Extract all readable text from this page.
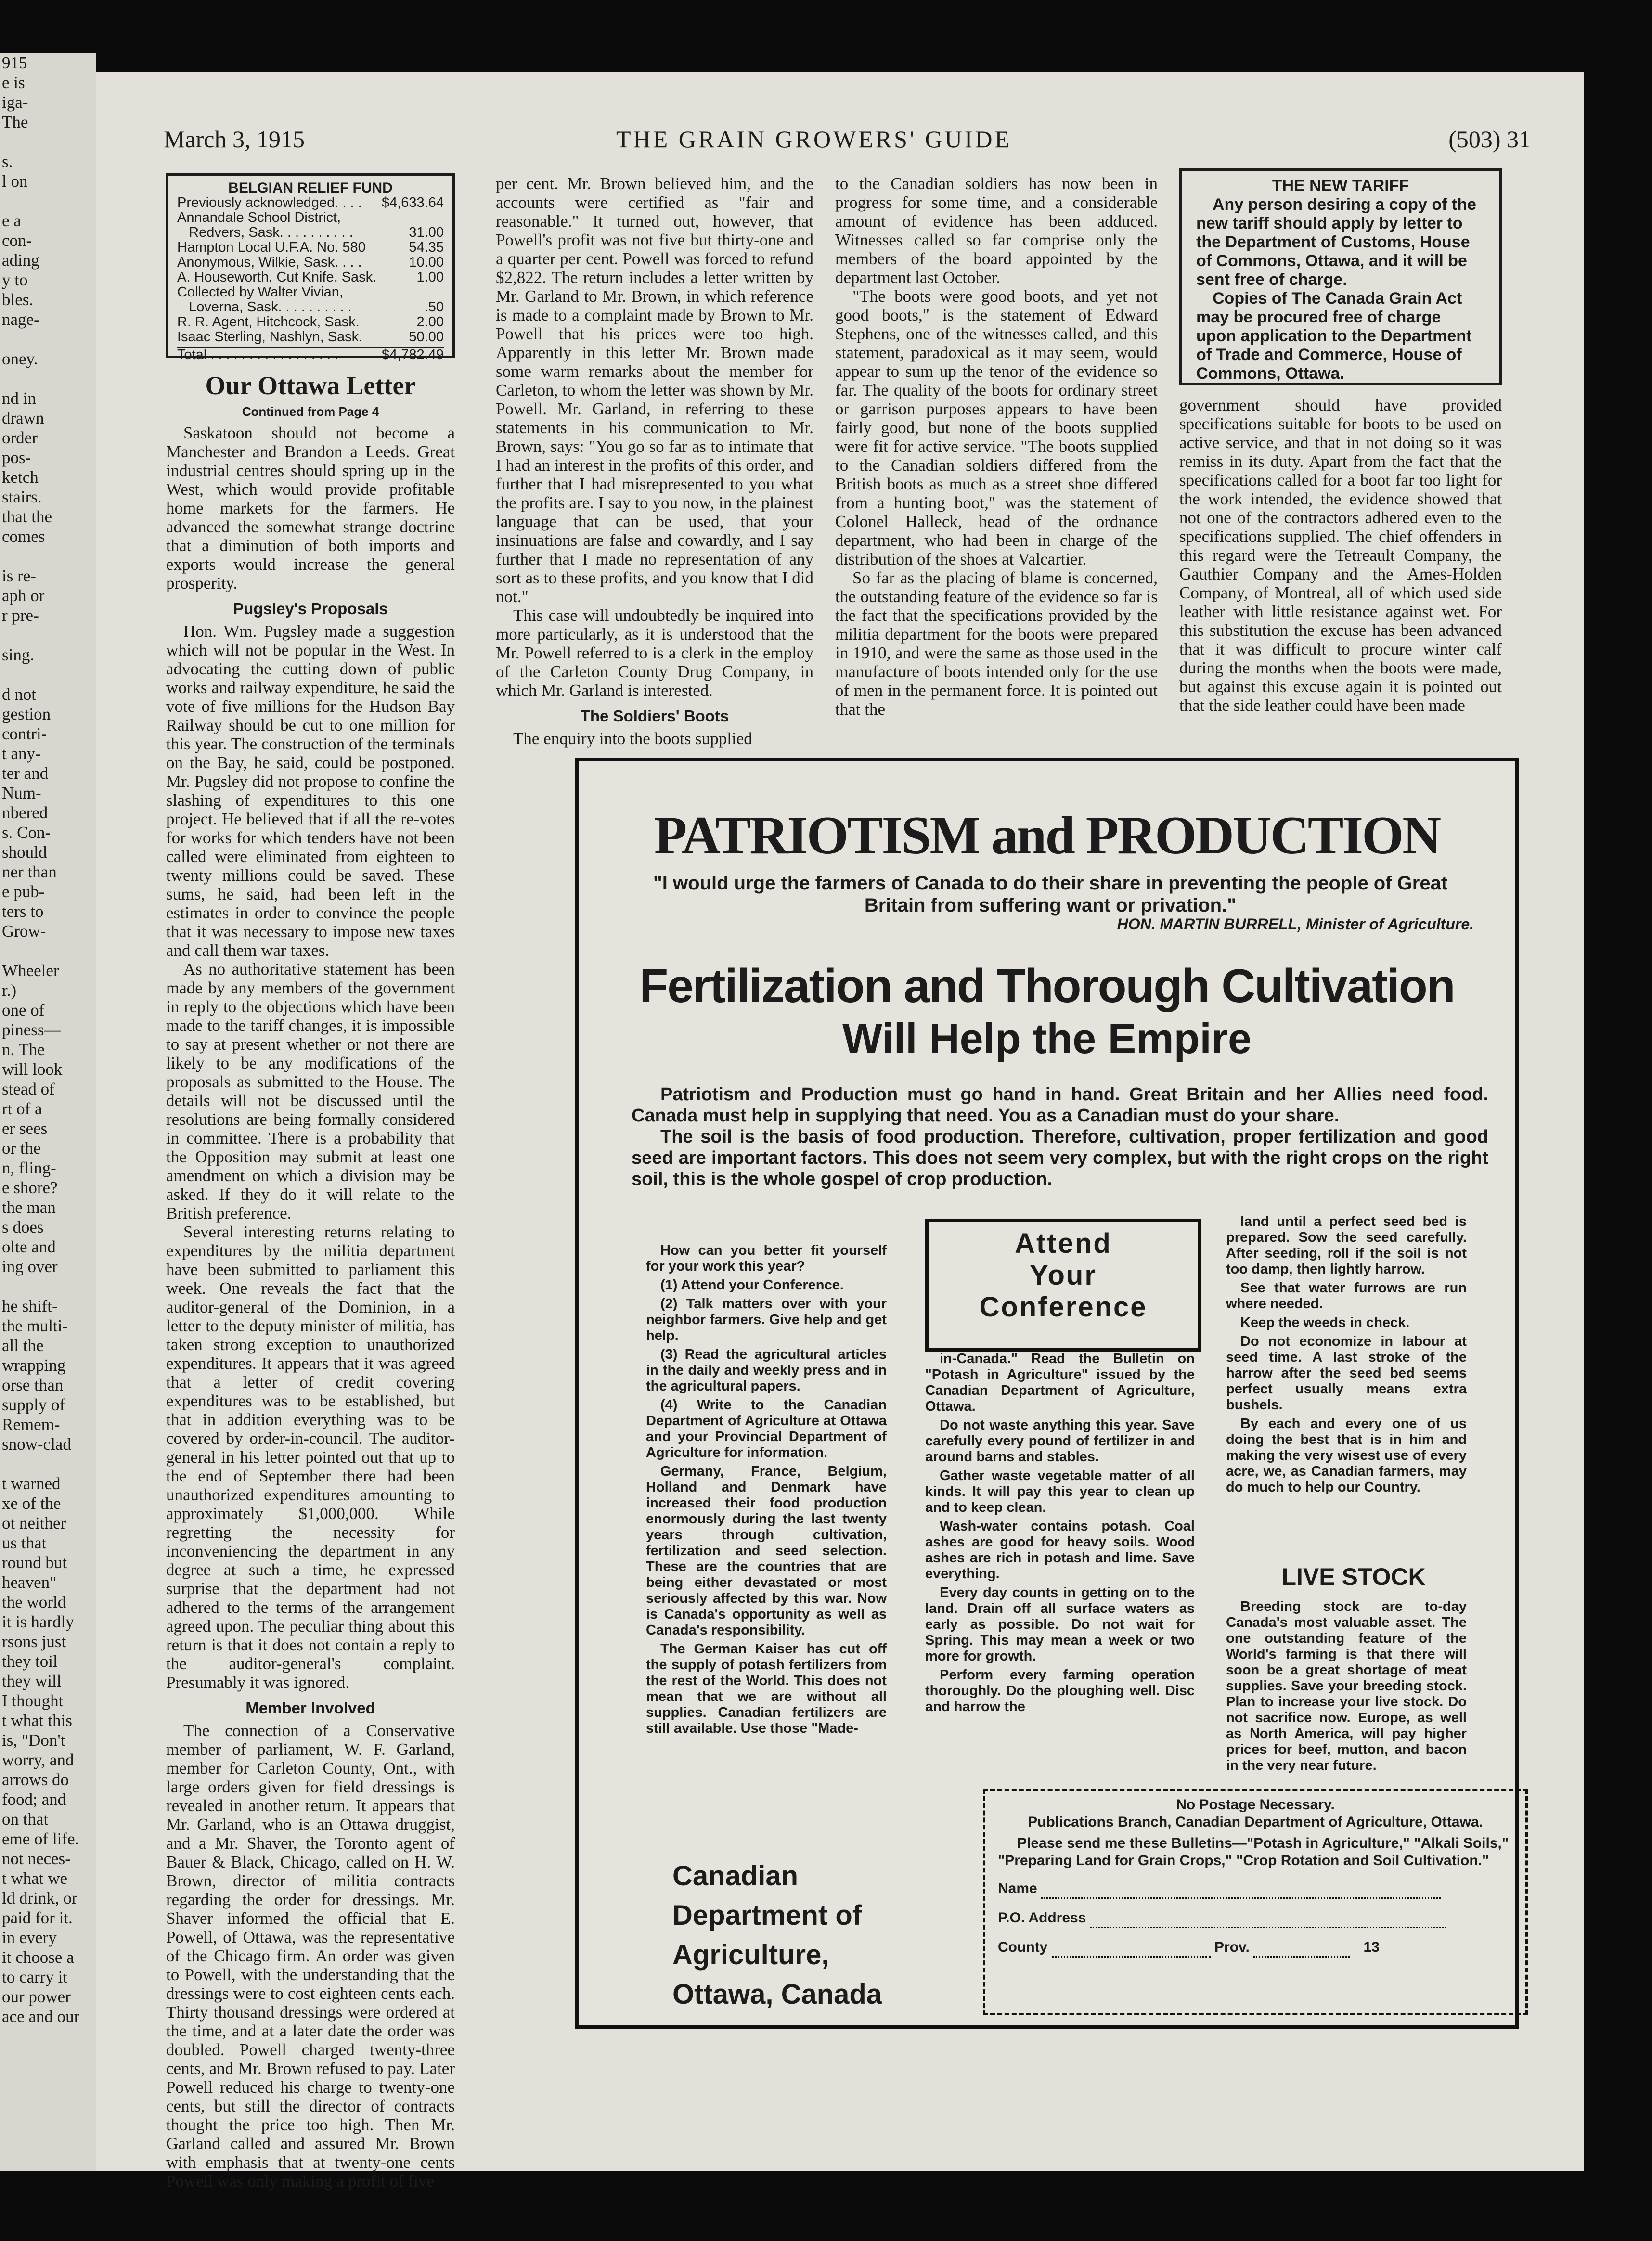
915
e is
iga-
The

s.
l on

e a
con-
ading
y to
bles.
nage-

oney.

nd in
drawn
order
pos-
ketch
stairs.
that the
comes

is re-
aph or
r pre-

sing.

d not
gestion
contri-
t any-
ter and
Num-
nbered
s. Con-
should
ner than
e pub-
ters to
Grow-

Wheeler
r.)
one of
piness—
n. The
will look
stead of
rt of a
er sees
or the
n, fling-
e shore?
the man
s does
olte and
ing over

he shift-
the multi-
all the
wrapping
orse than
supply of
Remem-
snow-clad

t warned
xe of the
ot neither
us that
round but
heaven"
the world
it is hardly
rsons just
they toil
they will
I thought
t what this
is, "Don't
worry, and
arrows do
food; and
on that
eme of life.
not neces-
t what we
ld drink, or
paid for it.
in every
it choose a
to carry it
our power
ace and our
March 3, 1915	THE GRAIN GROWERS' GUIDE	(503) 31
BELGIAN RELIEF FUND
Previously acknowledged. . . . $4,633.64
Annandale School District,
Redvers, Sask. . . . . . . . . .	31.00
Hampton Local U.F.A. No. 580	54.35
Anonymous, Wilkie, Sask. . . .	10.00
A. Houseworth, Cut Knife, Sask.	1.00
Collected by Walter Vivian,
Loverna, Sask. . . . . . . . . .	.50
R. R. Agent, Hitchcock, Sask.	2.00
Isaac Sterling, Nashlyn, Sask.	50.00
Total . . . . . . . . . . . . . . . . .	$4,782.49
Our Ottawa Letter
Continued from Page 4

Saskatoon should not become a Manchester and Brandon a Leeds. Great industrial centres should spring up in the West, which would provide profitable home markets for the farmers. He advanced the somewhat strange doctrine that a diminution of both imports and exports would increase the general prosperity.

Pugsley's Proposals

Hon. Wm. Pugsley made a suggestion which will not be popular in the West. In advocating the cutting down of public works and railway expenditure, he said the vote of five millions for the Hudson Bay Railway should be cut to one million for this year. The construction of the terminals on the Bay, he said, could be postponed. Mr. Pugsley did not propose to confine the slashing of expenditures to this one project. He believed that if all the re-votes for works for which tenders have not been called were eliminated from eighteen to twenty millions could be saved. These sums, he said, had been left in the estimates in order to convince the people that it was necessary to impose new taxes and call them war taxes.

As no authoritative statement has been made by any members of the government in reply to the objections which have been made to the tariff changes, it is impossible to say at present whether or not there are likely to be any modifications of the proposals as submitted to the House. The details will not be discussed until the resolutions are being formally considered in committee. There is a probability that the Opposition may submit at least one amendment on which a division may be asked. If they do it will relate to the British preference.

Several interesting returns relating to expenditures by the militia department have been submitted to parliament this week. One reveals the fact that the auditor-general of the Dominion, in a letter to the deputy minister of militia, has taken strong exception to unauthorized expenditures. It appears that it was agreed that a letter of credit covering expenditures was to be established, but that in addition everything was to be covered by order-in-council. The auditor-general in his letter pointed out that up to the end of September there had been unauthorized expenditures amounting to approximately $1,000,000. While regretting the necessity for inconveniencing the department in any degree at such a time, he expressed surprise that the department had not adhered to the terms of the arrangement agreed upon. The peculiar thing about this return is that it does not contain a reply to the auditor-general's complaint. Presumably it was ignored.

Member Involved

The connection of a Conservative member of parliament, W. F. Garland, member for Carleton County, Ont., with large orders given for field dressings is revealed in another return. It appears that Mr. Garland, who is an Ottawa druggist, and a Mr. Shaver, the Toronto agent of Bauer & Black, Chicago, called on H. W. Brown, director of militia contracts regarding the order for dressings. Mr. Shaver informed the official that E. Powell, of Ottawa, was the representative of the Chicago firm. An order was given to Powell, with the understanding that the dressings were to cost eighteen cents each. Thirty thousand dressings were ordered at the time, and at a later date the order was doubled. Powell charged twenty-three cents, and Mr. Brown refused to pay. Later Powell reduced his charge to twenty-one cents, but still the director of contracts thought the price too high. Then Mr. Garland called and assured Mr. Brown with emphasis that at twenty-one cents Powell was only making a profit of five

per cent. Mr. Brown believed him, and the accounts were certified as "fair and reasonable." It turned out, however, that Powell's profit was not five but thirty-one and a quarter per cent. Powell was forced to refund $2,822. The return includes a letter written by Mr. Garland to Mr. Brown, in which reference is made to a complaint made by Brown to Mr. Powell that his prices were too high. Apparently in this letter Mr. Brown made some warm remarks about the member for Carleton, to whom the letter was shown by Mr. Powell. Mr. Garland, in referring to these statements in his communication to Mr. Brown, says: "You go so far as to intimate that I had an interest in the profits of this order, and further that I had misrepresented to you what the profits are. I say to you now, in the plainest language that can be used, that your insinuations are false and cowardly, and I say further that I made no representation of any sort as to these profits, and you know that I did not."

This case will undoubtedly be inquired into more particularly, as it is understood that the Mr. Powell referred to is a clerk in the employ of the Carleton County Drug Company, in which Mr. Garland is interested.

The Soldiers' Boots

The enquiry into the boots supplied

to the Canadian soldiers has now been in progress for some time, and a considerable amount of evidence has been adduced. Witnesses called so far comprise only the members of the board appointed by the department last October.

"The boots were good boots, and yet not good boots," is the statement of Edward Stephens, one of the witnesses called, and this statement, paradoxical as it may seem, would appear to sum up the tenor of the evidence so far. The quality of the boots for ordinary street or garrison purposes appears to have been fairly good, but none of the boots supplied were fit for active service. "The boots supplied to the Canadian soldiers differed from the British boots as much as a street shoe differed from a hunting boot," was the statement of Colonel Halleck, head of the ordnance department, who had been in charge of the distribution of the shoes at Valcartier.

So far as the placing of blame is concerned, the outstanding feature of the evidence so far is the fact that the specifications provided by the militia department for the boots were prepared in 1910, and were the same as those used in the manufacture of boots intended only for the use of men in the permanent force. It is pointed out that the

THE NEW TARIFF

Any person desiring a copy of the new tariff should apply by letter to the Department of Customs, House of Commons, Ottawa, and it will be sent free of charge.

Copies of The Canada Grain Act may be procured free of charge upon application to the Department of Trade and Commerce, House of Commons, Ottawa.

government should have provided specifications suitable for boots to be used on active service, and that in not doing so it was remiss in its duty. Apart from the fact that the specifications called for a boot far too light for the work intended, the evidence showed that not one of the contractors adhered even to the specifications supplied. The chief offenders in this regard were the Tetreault Company, the Gauthier Company and the Ames-Holden Company, of Montreal, all of which used side leather with little resistance against wet. For this substitution the excuse has been advanced that it was difficult to procure winter calf during the months when the boots were made, but against this excuse again it is pointed out that the side leather could have been made

PATRIOTISM and PRODUCTION
"I would urge the farmers of Canada to do their share in preventing the people of Great Britain from suffering want or privation."
HON. MARTIN BURRELL, Minister of Agriculture.
Fertilization and Thorough Cultivation
Will Help the Empire

Patriotism and Production must go hand in hand. Great Britain and her Allies need food. Canada must help in supplying that need. You as a Canadian must do your share.

The soil is the basis of food production. Therefore, cultivation, proper fertilization and good seed are important factors. This does not seem very complex, but with the right crops on the right soil, this is the whole gospel of crop production.

How can you better fit yourself for your work this year?

(1) Attend your Conference.

(2) Talk matters over with your neighbor farmers. Give help and get help.

(3) Read the agricultural articles in the daily and weekly press and in the agricultural papers.

(4) Write to the Canadian Department of Agriculture at Ottawa and your Provincial Department of Agriculture for information.

Germany, France, Belgium, Holland and Denmark have increased their food production enormously during the last twenty years through cultivation, fertilization and seed selection. These are the countries that are being either devastated or most seriously affected by this war. Now is Canada's opportunity as well as Canada's responsibility.

The German Kaiser has cut off the supply of potash fertilizers from the rest of the World. This does not mean that we are without all supplies. Canadian fertilizers are still available. Use those "Made-

Attend
Your
Conference

in-Canada." Read the Bulletin on "Potash in Agriculture" issued by the Canadian Department of Agriculture, Ottawa.

Do not waste anything this year. Save carefully every pound of fertilizer in and around barns and stables.

Gather waste vegetable matter of all kinds. It will pay this year to clean up and to keep clean.

Wash-water contains potash. Coal ashes are good for heavy soils. Wood ashes are rich in potash and lime. Save everything.

Every day counts in getting on to the land. Drain off all surface waters as early as possible. Do not wait for Spring. This may mean a week or two more for growth.

Perform every farming operation thoroughly. Do the ploughing well. Disc and harrow the

land until a perfect seed bed is prepared. Sow the seed carefully. After seeding, roll if the soil is not too damp, then lightly harrow.

See that water furrows are run where needed.

Keep the weeds in check.

Do not economize in labour at seed time. A last stroke of the harrow after the seed bed seems perfect usually means extra bushels.

By each and every one of us doing the best that is in him and making the very wisest use of every acre, we, as Canadian farmers, may do much to help our Country.

LIVE STOCK

Breeding stock are to-day Canada's most valuable asset. The one outstanding feature of the World's farming is that there will soon be a great shortage of meat supplies. Save your breeding stock. Plan to increase your live stock. Do not sacrifice now. Europe, as well as North America, will pay higher prices for beef, mutton, and bacon in the very near future.

Canadian
Department of
Agriculture,
Ottawa, Canada
No Postage Necessary.
Publications Branch, Canadian Department of Agriculture, Ottawa.
Please send me these Bulletins—"Potash in Agriculture," "Alkali Soils," "Preparing Land for Grain Crops," "Crop Rotation and Soil Cultivation."
Name
P.O. Address
County	Prov.	13
